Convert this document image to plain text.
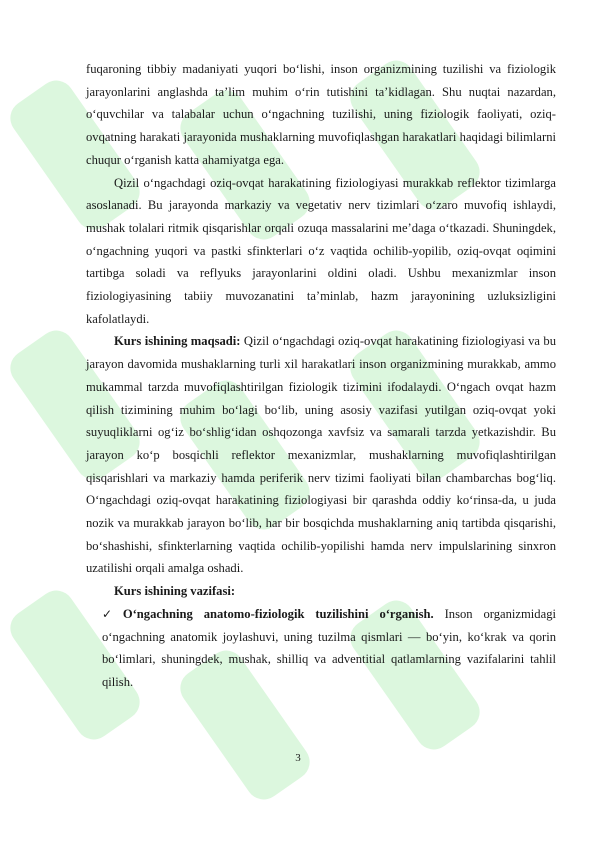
fuqaroning tibbiy madaniyati yuqori bo‘lishi, inson organizmining tuzilishi va fiziologik jarayonlarini anglashda ta’lim muhim o‘rin tutishini ta’kidlagan. Shu nuqtai nazardan, o‘quvchilar va talabalar uchun o‘ngachning tuzilishi, uning fiziologik faoliyati, oziq-ovqatning harakati jarayonida mushaklarning muvofiqlashgan harakatlari haqidagi bilimlarni chuqur o‘rganish katta ahamiyatga ega.

Qizil o‘ngachdagi oziq-ovqat harakatining fiziologiyasi murakkab reflektor tizimlarga asoslanadi. Bu jarayonda markaziy va vegetativ nerv tizimlari o‘zaro muvofiq ishlaydi, mushak tolalari ritmik qisqarishlar orqali ozuqa massalarini me’daga o‘tkazadi. Shuningdek, o‘ngachning yuqori va pastki sfinkterlari o‘z vaqtida ochilib-yopilib, oziq-ovqat oqimini tartibga soladi va reflyuks jarayonlarini oldini oladi. Ushbu mexanizmlar inson fiziologiyasining tabiiy muvozanatini ta’minlab, hazm jarayonining uzluksizligini kafolatlaydi.

Kurs ishining maqsadi: Qizil o‘ngachdagi oziq-ovqat harakatining fiziologiyasi va bu jarayon davomida mushaklarning turli xil harakatlari inson organizmining murakkab, ammo mukammal tarzda muvofiqlashtirilgan fiziologik tizimini ifodalaydi. O‘ngach ovqat hazm qilish tizimining muhim bo‘lagi bo‘lib, uning asosiy vazifasi yutilgan oziq-ovqat yoki suyuqliklarni og‘iz bo‘shlig‘idan oshqozonga xavfsiz va samarali tarzda yetkazishdir. Bu jarayon ko‘p bosqichli reflektor mexanizmlar, mushaklarning muvofiqlashtirilgan qisqarishlari va markaziy hamda periferik nerv tizimi faoliyati bilan chambarchas bog‘liq. O‘ngachdagi oziq-ovqat harakatining fiziologiyasi bir qarashda oddiy ko‘rinsa-da, u juda nozik va murakkab jarayon bo‘lib, har bir bosqichda mushaklarning aniq tartibda qisqarishi, bo‘shashishi, sfinkterlarning vaqtida ochilib-yopilishi hamda nerv impulslarining sinxron uzatilishi orqali amalga oshadi.

Kurs ishining vazifasi:

✓ O‘ngachning anatomo-fiziologik tuzilishini o‘rganish. Inson organizmidagi o‘ngachning anatomik joylashuvi, uning tuzilma qismlari — bo‘yin, ko‘krak va qorin bo‘limlari, shuningdek, mushak, shilliq va adventitial qatlamlarning vazifalarini tahlil qilish.

3
